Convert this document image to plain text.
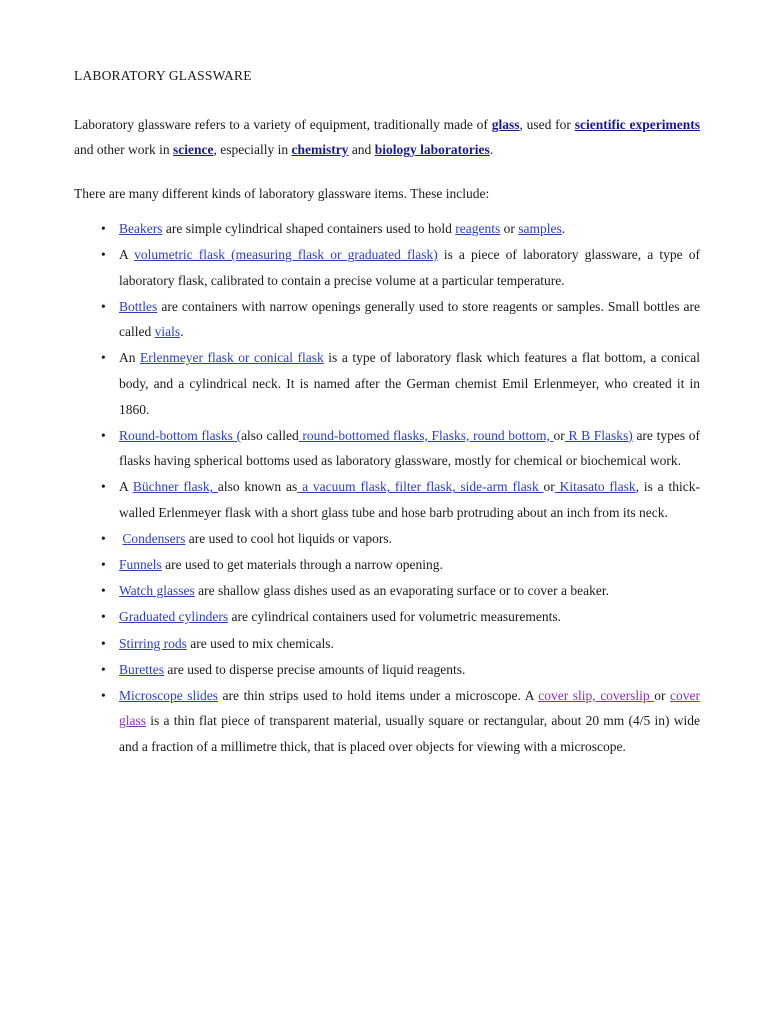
LABORATORY GLASSWARE

Laboratory glassware refers to a variety of equipment, traditionally made of glass, used for scientific experiments and other work in science, especially in chemistry and biology laboratories.

There are many different kinds of laboratory glassware items. These include:

• Beakers are simple cylindrical shaped containers used to hold reagents or samples.
• A volumetric flask (measuring flask or graduated flask) is a piece of laboratory glassware, a type of laboratory flask, calibrated to contain a precise volume at a particular temperature.
• Bottles are containers with narrow openings generally used to store reagents or samples. Small bottles are called vials.
• An Erlenmeyer flask or conical flask is a type of laboratory flask which features a flat bottom, a conical body, and a cylindrical neck. It is named after the German chemist Emil Erlenmeyer, who created it in 1860.
• Round-bottom flasks (also called round-bottomed flasks, Flasks, round bottom, or R B Flasks) are types of flasks having spherical bottoms used as laboratory glassware, mostly for chemical or biochemical work.
• A Büchner flask, also known as a vacuum flask, filter flask, side-arm flask or Kitasato flask, is a thick-walled Erlenmeyer flask with a short glass tube and hose barb protruding about an inch from its neck.
• Condensers are used to cool hot liquids or vapors.
• Funnels are used to get materials through a narrow opening.
• Watch glasses are shallow glass dishes used as an evaporating surface or to cover a beaker.
• Graduated cylinders are cylindrical containers used for volumetric measurements.
• Stirring rods are used to mix chemicals.
• Burettes are used to disperse precise amounts of liquid reagents.
• Microscope slides are thin strips used to hold items under a microscope. A cover slip, coverslip or cover glass is a thin flat piece of transparent material, usually square or rectangular, about 20 mm (4/5 in) wide and a fraction of a millimetre thick, that is placed over objects for viewing with a microscope.
